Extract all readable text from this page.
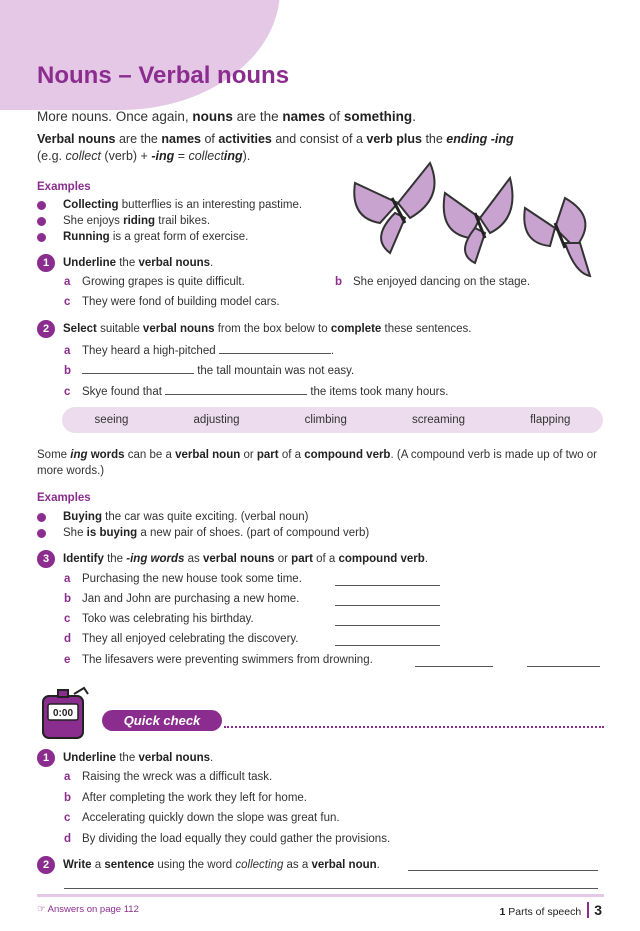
Nouns – Verbal nouns
More nouns. Once again, nouns are the names of something.
Verbal nouns are the names of activities and consist of a verb plus the ending -ing
(e.g. collect (verb) + -ing = collecting).
Examples
Collecting butterflies is an interesting pastime.
She enjoys riding trail bikes.
Running is a great form of exercise.
1	Underline the verbal nouns.
a Growing grapes is quite difficult.	b She enjoyed dancing on the stage.
c They were fond of building model cars.
2	Select suitable verbal nouns from the box below to complete these sentences.
a They heard a high-pitched	.
b	the tall mountain was not easy.
c Skye found that	the items took many hours.
seeing	adjusting	climbing	screaming	flapping
Some ing words can be a verbal noun or part of a compound verb. (A compound verb is made up of two or more words.)
Examples
Buying the car was quite exciting. (verbal noun)
She is buying a new pair of shoes. (part of compound verb)
3	Identify the -ing words as verbal nouns or part of a compound verb.
a Purchasing the new house took some time.
b Jan and John are purchasing a new home.
c Toko was celebrating his birthday.
d They all enjoyed celebrating the discovery.
e The lifesavers were preventing swimmers from drowning.
0:00	Quick check
1	Underline the verbal nouns.
a Raising the wreck was a difficult task.
b After completing the work they left for home.
c Accelerating quickly down the slope was great fun.
d By dividing the load equally they could gather the provisions.
2	Write a sentence using the word collecting as a verbal noun.
☞ Answers on page 112	1 Parts of speech 3
